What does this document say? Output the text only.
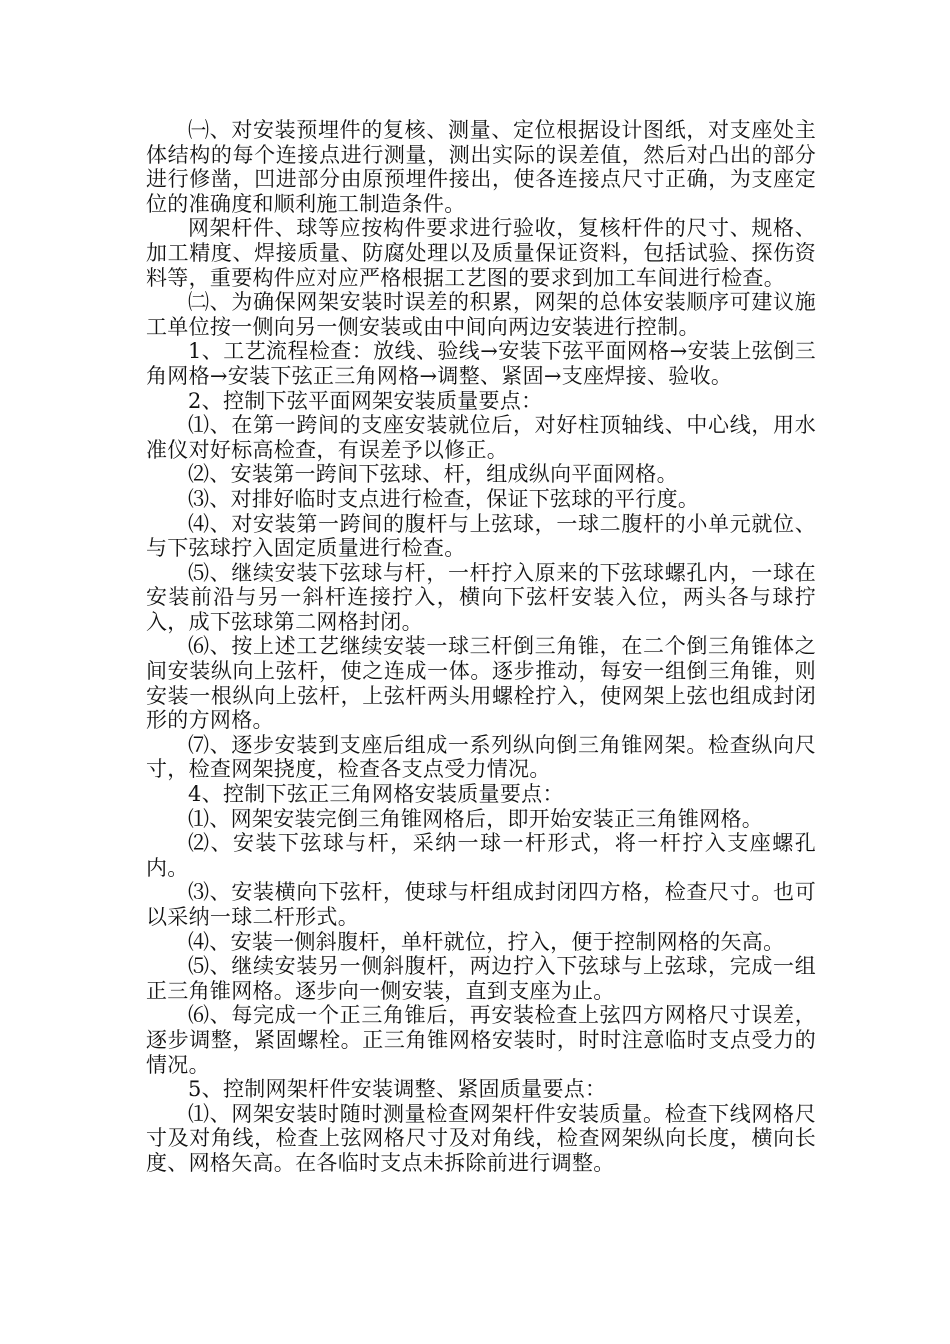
㈠、对安装预埋件的复核、测量、定位根据设计图纸，对支座处主体结构的每个连接点进行测量，测出实际的误差值，然后对凸出的部分进行修凿，凹进部分由原预埋件接出，使各连接点尺寸正确，为支座定位的准确度和顺利施工制造条件。

网架杆件、球等应按构件要求进行验收，复核杆件的尺寸、规格、加工精度、焊接质量、防腐处理以及质量保证资料，包括试验、探伤资料等，重要构件应对应严格根据工艺图的要求到加工车间进行检查。

㈡、为确保网架安装时误差的积累，网架的总体安装顺序可建议施工单位按一侧向另一侧安装或由中间向两边安装进行控制。

1、工艺流程检查：放线、验线→安装下弦平面网格→安装上弦倒三角网格→安装下弦正三角网格→调整、紧固→支座焊接、验收。

2、控制下弦平面网架安装质量要点：

⑴、在第一跨间的支座安装就位后，对好柱顶轴线、中心线，用水准仪对好标高检查，有误差予以修正。

⑵、安装第一跨间下弦球、杆，组成纵向平面网格。

⑶、对排好临时支点进行检查，保证下弦球的平行度。

⑷、对安装第一跨间的腹杆与上弦球，一球二腹杆的小单元就位、与下弦球拧入固定质量进行检查。

⑸、继续安装下弦球与杆，一杆拧入原来的下弦球螺孔内，一球在安装前沿与另一斜杆连接拧入，横向下弦杆安装入位，两头各与球拧入，成下弦球第二网格封闭。

⑹、按上述工艺继续安装一球三杆倒三角锥，在二个倒三角锥体之间安装纵向上弦杆，使之连成一体。逐步推动，每安一组倒三角锥，则安装一根纵向上弦杆，上弦杆两头用螺栓拧入，使网架上弦也组成封闭形的方网格。

⑺、逐步安装到支座后组成一系列纵向倒三角锥网架。检查纵向尺寸，检查网架挠度，检查各支点受力情况。

4、控制下弦正三角网格安装质量要点：

⑴、网架安装完倒三角锥网格后，即开始安装正三角锥网格。

⑵、安装下弦球与杆，采纳一球一杆形式，将一杆拧入支座螺孔内。

⑶、安装横向下弦杆，使球与杆组成封闭四方格，检查尺寸。也可以采纳一球二杆形式。

⑷、安装一侧斜腹杆，单杆就位，拧入，便于控制网格的矢高。

⑸、继续安装另一侧斜腹杆，两边拧入下弦球与上弦球，完成一组正三角锥网格。逐步向一侧安装，直到支座为止。

⑹、每完成一个正三角锥后，再安装检查上弦四方网格尺寸误差，逐步调整，紧固螺栓。正三角锥网格安装时，时时注意临时支点受力的情况。

5、控制网架杆件安装调整、紧固质量要点：

⑴、网架安装时随时测量检查网架杆件安装质量。检查下线网格尺寸及对角线，检查上弦网格尺寸及对角线，检查网架纵向长度，横向长度、网格矢高。在各临时支点未拆除前进行调整。
